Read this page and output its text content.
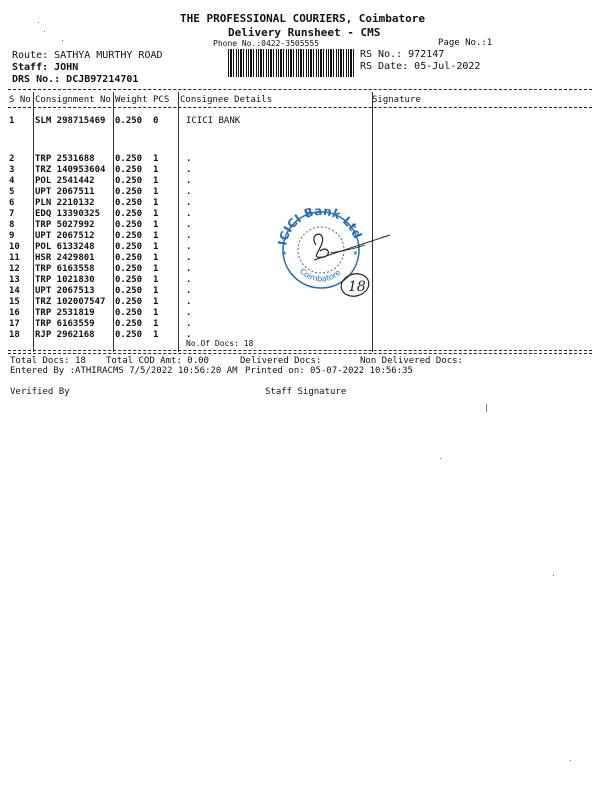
THE PROFESSIONAL COURIERS, Coimbatore
Delivery Runsheet - CMS
Phone No.:0422-3505555	Page No.:1
Route: SATHYA MURTHY ROAD
Staff: JOHN
DRS No.: DCJB97214701
RS No.: 972147
RS Date: 05-Jul-2022
S No Consignment No Weight PCS Consignee Details	Signature
1 SLM 298715469 0.250 0	ICICI BANK
2 TRP 2531688 0.250 1	.
3 TRZ 140953604 0.250 1	.
4 POL 2541442 0.250 1	.
5 UPT 2067511 0.250 1	.
6 PLN 2210132 0.250 1	.
7 EDQ 13390325 0.250 1	.
8 TRP 5027992 0.250 1	.
9 UPT 2067512 0.250 1	.
10 POL 6133248 0.250 1	.
11 HSR 2429801 0.250 1	.
12 TRP 6163558 0.250 1	.
13 TRP 1021830 0.250 1	.
14 UPT 2067513 0.250 1	.
15 TRZ 102007547 0.250 1	.
16 TRP 2531819 0.250 1	.
17 TRP 6163559 0.250 1	.
18 RJP 2962168 0.250 1	.
No.Of Docs: 18
Total Docs: 18 Total COD Amt: 0.00	Delivered Docs:	Non Delivered Docs:
Entered By :ATHIRACMS 7/5/2022 10:56:20 AM Printed on: 05-07-2022 10:56:35
Verified By	Staff Signature
ICICI Bank Ltd
Coimbatore
★	★
18
